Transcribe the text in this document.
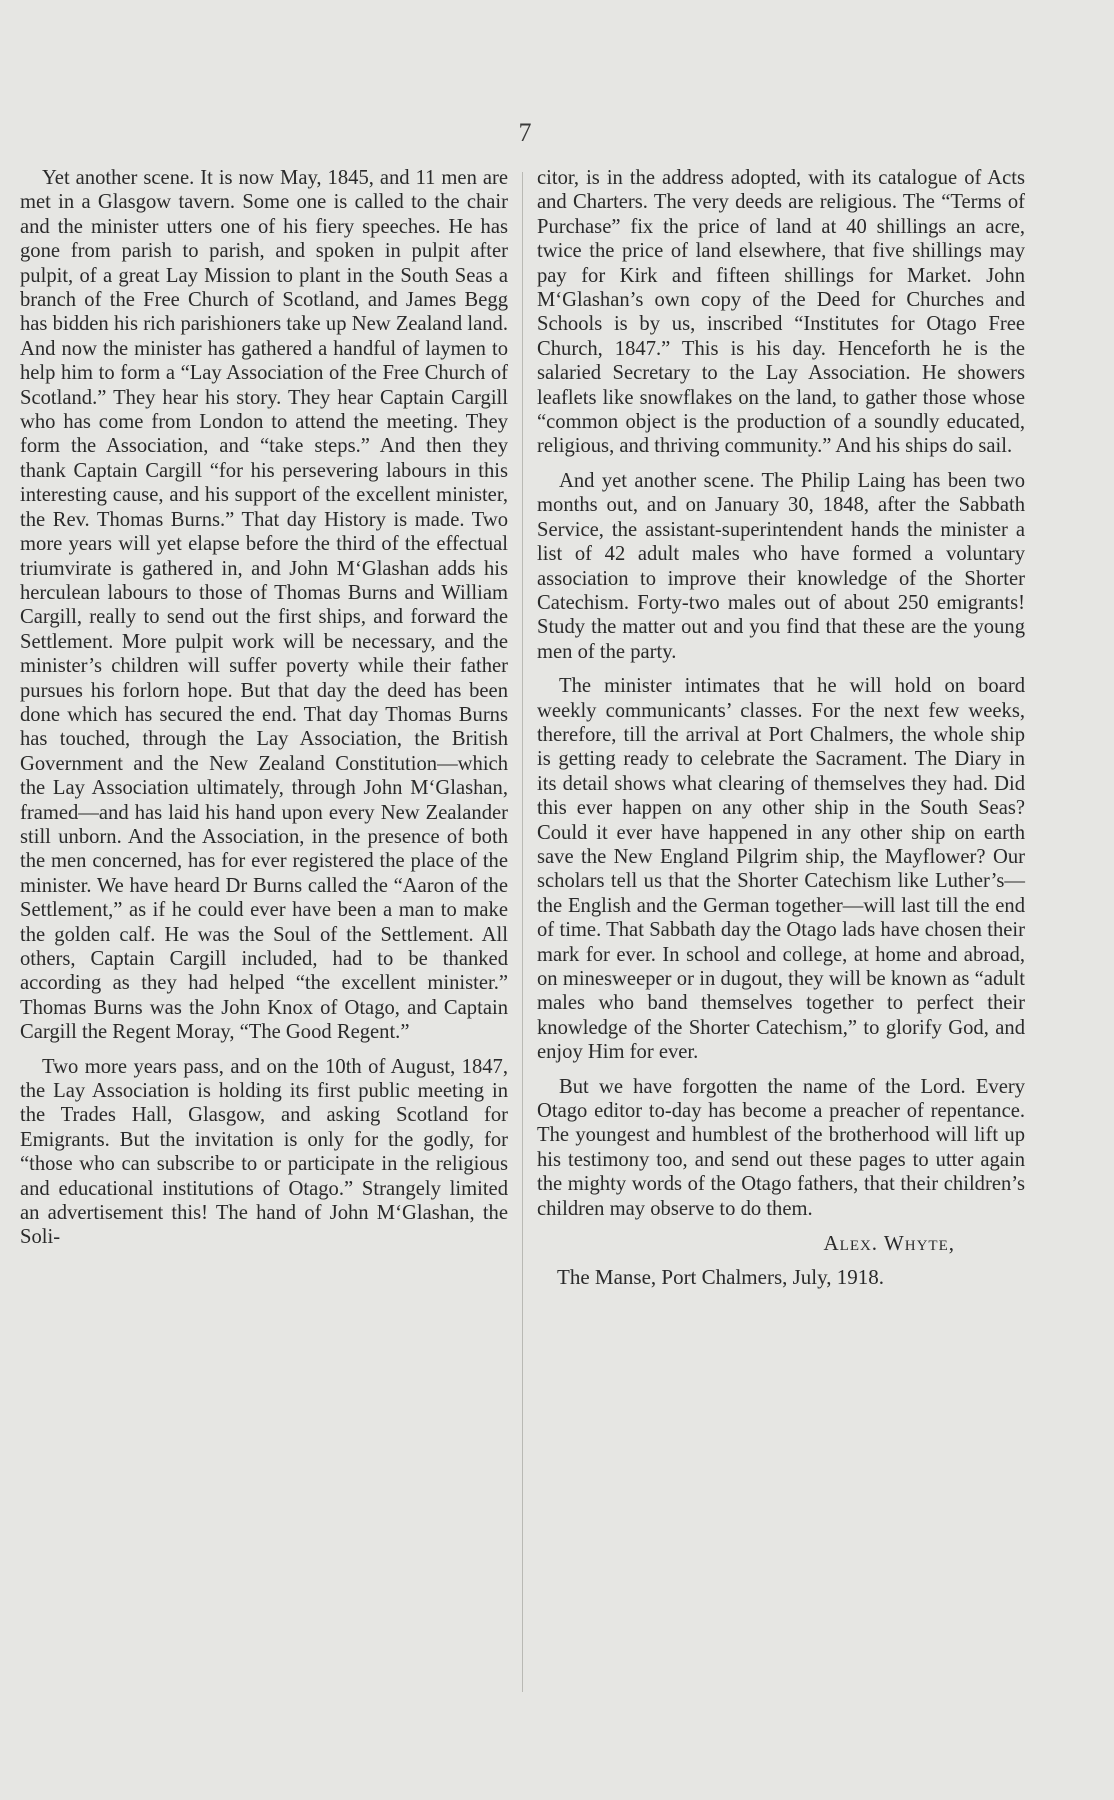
7

Yet another scene. It is now May, 1845, and 11 men are met in a Glasgow tavern. Some one is called to the chair and the minister utters one of his fiery speeches. He has gone from parish to parish, and spoken in pulpit after pulpit, of a great Lay Mission to plant in the South Seas a branch of the Free Church of Scotland, and James Begg has bidden his rich parishioners take up New Zealand land. And now the minister has gathered a handful of laymen to help him to form a “Lay Association of the Free Church of Scotland.” They hear his story. They hear Captain Cargill who has come from London to attend the meeting. They form the Association, and “take steps.” And then they thank Captain Cargill “for his persevering labours in this interesting cause, and his support of the excellent minister, the Rev. Thomas Burns.” That day History is made. Two more years will yet elapse before the third of the effectual triumvirate is gathered in, and John M‘Glashan adds his herculean labours to those of Thomas Burns and William Cargill, really to send out the first ships, and forward the Settlement. More pulpit work will be necessary, and the minister’s children will suffer poverty while their father pursues his forlorn hope. But that day the deed has been done which has secured the end. That day Thomas Burns has touched, through the Lay Association, the British Government and the New Zealand Constitution—which the Lay Association ultimately, through John M‘Glashan, framed—and has laid his hand upon every New Zealander still unborn. And the Association, in the presence of both the men concerned, has for ever registered the place of the minister. We have heard Dr Burns called the “Aaron of the Settlement,” as if he could ever have been a man to make the golden calf. He was the Soul of the Settlement. All others, Captain Cargill included, had to be thanked according as they had helped “the excellent minister.” Thomas Burns was the John Knox of Otago, and Captain Cargill the Regent Moray, “The Good Regent.”

Two more years pass, and on the 10th of August, 1847, the Lay Association is holding its first public meeting in the Trades Hall, Glasgow, and asking Scotland for Emigrants. But the invitation is only for the godly, for “those who can subscribe to or participate in the religious and educational institutions of Otago.” Strangely limited an advertisement this! The hand of John M‘Glashan, the Soli-

citor, is in the address adopted, with its catalogue of Acts and Charters. The very deeds are religious. The “Terms of Purchase” fix the price of land at 40 shillings an acre, twice the price of land elsewhere, that five shillings may pay for Kirk and fifteen shillings for Market. John M‘Glashan’s own copy of the Deed for Churches and Schools is by us, inscribed “Institutes for Otago Free Church, 1847.” This is his day. Henceforth he is the salaried Secretary to the Lay Association. He showers leaflets like snowflakes on the land, to gather those whose “common object is the production of a soundly educated, religious, and thriving community.” And his ships do sail.

And yet another scene. The Philip Laing has been two months out, and on January 30, 1848, after the Sabbath Service, the assistant-superintendent hands the minister a list of 42 adult males who have formed a voluntary association to improve their knowledge of the Shorter Catechism. Forty-two males out of about 250 emigrants! Study the matter out and you find that these are the young men of the party.

The minister intimates that he will hold on board weekly communicants’ classes. For the next few weeks, therefore, till the arrival at Port Chalmers, the whole ship is getting ready to celebrate the Sacrament. The Diary in its detail shows what clearing of themselves they had. Did this ever happen on any other ship in the South Seas? Could it ever have happened in any other ship on earth save the New England Pilgrim ship, the Mayflower? Our scholars tell us that the Shorter Catechism like Luther’s—the English and the German together—will last till the end of time. That Sabbath day the Otago lads have chosen their mark for ever. In school and college, at home and abroad, on minesweeper or in dugout, they will be known as “adult males who band themselves together to perfect their knowledge of the Shorter Catechism,” to glorify God, and enjoy Him for ever.

But we have forgotten the name of the Lord. Every Otago editor to-day has become a preacher of repentance. The youngest and humblest of the brotherhood will lift up his testimony too, and send out these pages to utter again the mighty words of the Otago fathers, that their children’s children may observe to do them.

Alex. Whyte,
The Manse, Port Chalmers, July, 1918.
